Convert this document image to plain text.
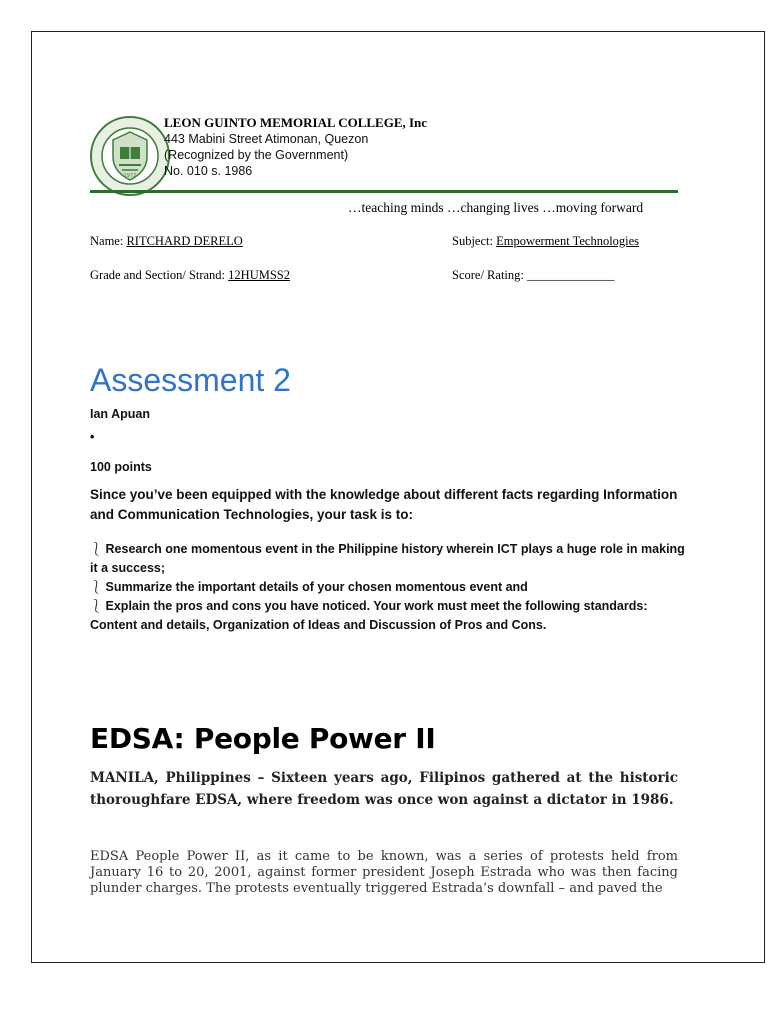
1972
LEON GUINTO MEMORIAL COLLEGE, Inc
443 Mabini Street Atimonan, Quezon
(Recognized by the Government)
No. 010 s. 1986
…teaching minds …changing lives …moving forward
Name: RITCHARD DERELO	Subject: Empowerment Technologies
Grade and Section/ Strand: 12HUMSS2	Score/ Rating: ______________
Assessment 2
Ian Apuan
•
100 points
Since you’ve been equipped with the knowledge about different facts regarding Information and Communication Technologies, your task is to:
⎱ Research one momentous event in the Philippine history wherein ICT plays a huge role in making it a success;
⎱ Summarize the important details of your chosen momentous event and
⎱ Explain the pros and cons you have noticed. Your work must meet the following standards: Content and details, Organization of Ideas and Discussion of Pros and Cons.
EDSA: People Power II
MANILA, Philippines – Sixteen years ago, Filipinos gathered at the historic thoroughfare EDSA, where freedom was once won against a dictator in 1986.
EDSA People Power II, as it came to be known, was a series of protests held from January 16 to 20, 2001, against former president Joseph Estrada who was then facing plunder charges. The protests eventually triggered Estrada’s downfall – and paved the
